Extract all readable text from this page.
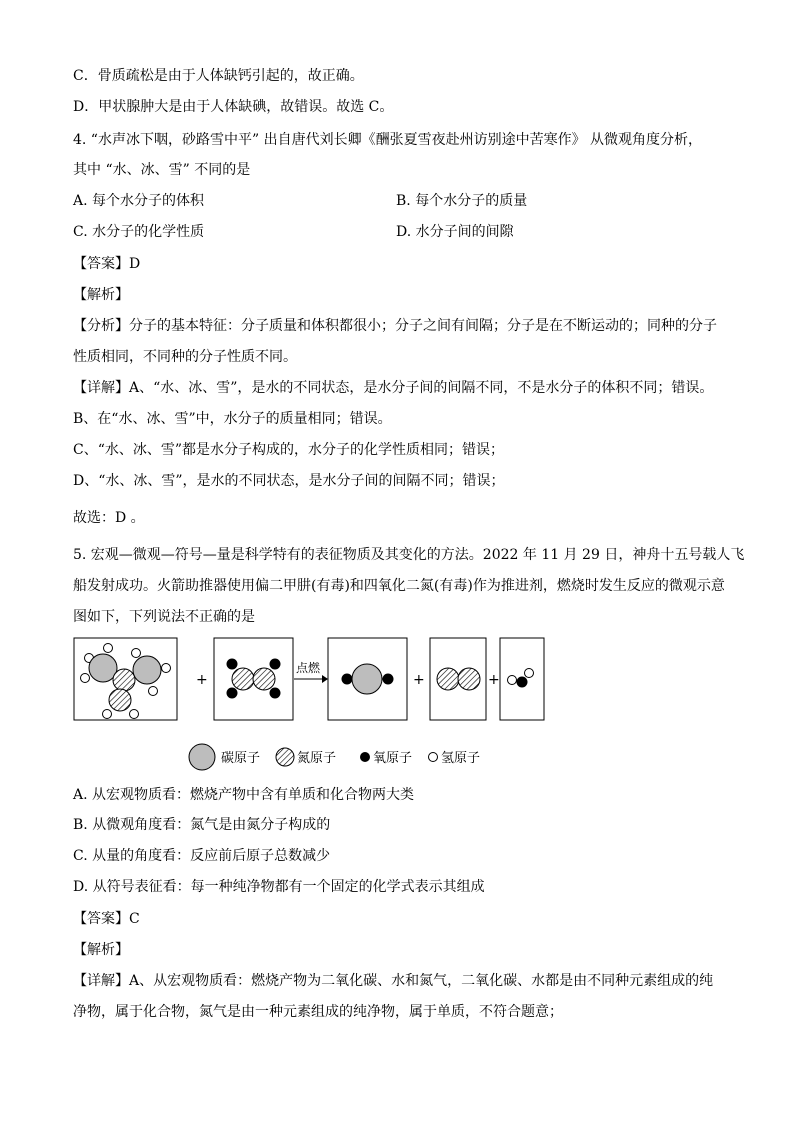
C．骨质疏松是由于人体缺钙引起的，故正确。
D．甲状腺肿大是由于人体缺碘，故错误。故选 C。
4. “水声冰下咽，砂路雪中平” 出自唐代刘长卿《酬张夏雪夜赴州访别途中苦寒作》 从微观角度分析，
其中 “水、冰、雪” 不同的是
A. 每个水分子的体积	B. 每个水分子的质量
C. 水分子的化学性质	D. 水分子间的间隙
【答案】D
【解析】
【分析】分子的基本特征：分子质量和体积都很小；分子之间有间隔；分子是在不断运动的；同种的分子
性质相同，不同种的分子性质不同。
【详解】A、“水、冰、雪”，是水的不同状态，是水分子间的间隔不同，不是水分子的体积不同；错误。
B、在“水、冰、雪”中，水分子的质量相同；错误。
C、“水、冰、雪”都是水分子构成的，水分子的化学性质相同；错误；
D、“水、冰、雪”，是水的不同状态，是水分子间的间隔不同；错误；
故选：D 。
5. 宏观—微观—符号—量是科学特有的表征物质及其变化的方法。2022 年 11 月 29 日，神舟十五号载人飞
船发射成功。火箭助推器使用偏二甲肼(有毒)和四氧化二氮(有毒)作为推进剂，燃烧时发生反应的微观示意
图如下，下列说法不正确的是
+
点燃
+	+
碳原子	氮原子	氧原子 氢原子
A. 从宏观物质看：燃烧产物中含有单质和化合物两大类
B. 从微观角度看：氮气是由氮分子构成的
C. 从量的角度看：反应前后原子总数减少
D. 从符号表征看：每一种纯净物都有一个固定的化学式表示其组成
【答案】C
【解析】
【详解】A、从宏观物质看：燃烧产物为二氧化碳、水和氮气，二氧化碳、水都是由不同种元素组成的纯
净物，属于化合物，氮气是由一种元素组成的纯净物，属于单质，不符合题意；
